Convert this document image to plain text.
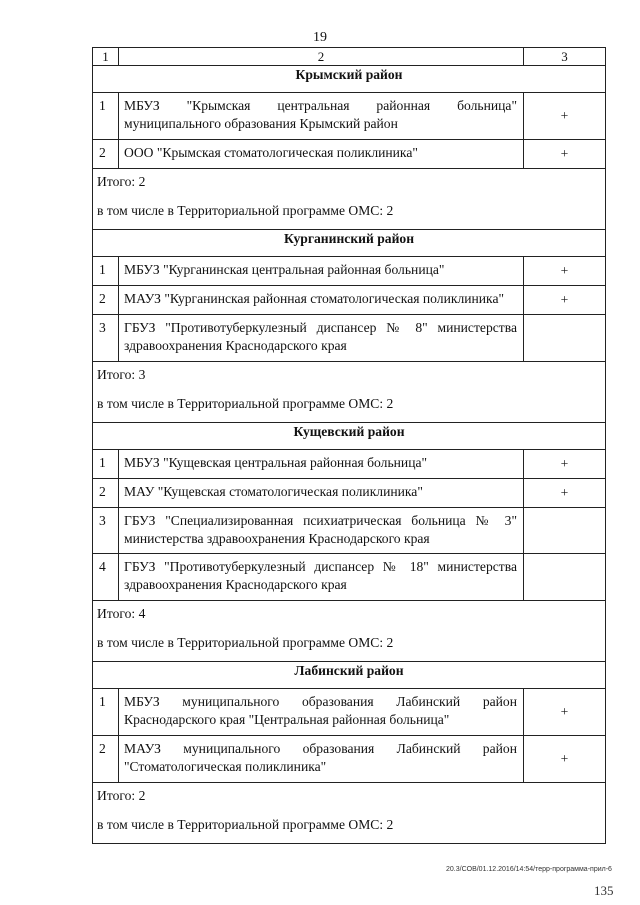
19
1	2	3
Крымский район		
1	МБУЗ "Крымская центральная районная больница" муниципального образования Крымский район	+
2	ООО "Крымская стоматологическая поликлиника"	+

Итого: 2
в том числе в Территориальной программе ОМС: 2		

Курганинский район		
1	МБУЗ "Курганинская центральная районная больница"	+
2	МАУЗ "Курганинская районная стоматологическая поликлиника"	+
3	ГБУЗ "Противотуберкулезный диспансер № 8" министерства здравоохранения Краснодарского края	

Итого: 3
в том числе в Территориальной программе ОМС: 2		

Кущевский район		
1	МБУЗ "Кущевская центральная районная больница"	+
2	МАУ "Кущевская стоматологическая поликлиника"	+
3	ГБУЗ "Специализированная психиатрическая больница № 3" министерства здравоохранения Краснодарского края	
4	ГБУЗ "Противотуберкулезный диспансер № 18" министерства здравоохранения Краснодарского края	

Итого: 4
в том числе в Территориальной программе ОМС: 2		

Лабинский район		
1	МБУЗ муниципального образования Лабинский район Краснодарского края "Центральная районная больница"	+
2	МАУЗ муниципального образования Лабинский район "Стоматологическая поликлиника"	+

Итого: 2
в том числе в Территориальной программе ОМС: 2		
20.3/COB/01.12.2016/14:54/терр-программа-прил-6
135
